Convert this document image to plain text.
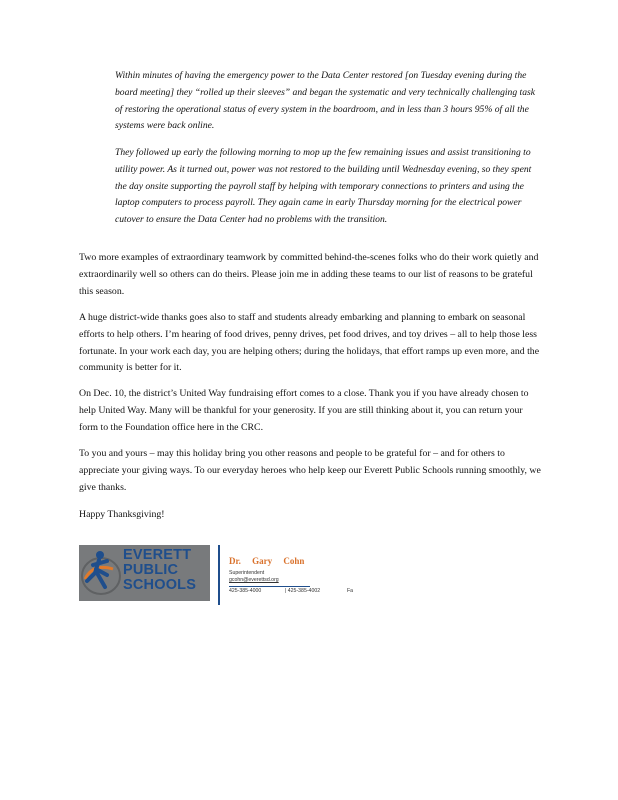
Within minutes of having the emergency power to the Data Center restored [on Tuesday evening during the board meeting] they “rolled up their sleeves” and began the systematic and very technically challenging task of restoring the operational status of every system in the boardroom, and in less than 3 hours 95% of all the systems were back online.
They followed up early the following morning to mop up the few remaining issues and assist transitioning to utility power. As it turned out, power was not restored to the building until Wednesday evening, so they spent the day onsite supporting the payroll staff by helping with temporary connections to printers and using the laptop computers to process payroll. They again came in early Thursday morning for the electrical power cutover to ensure the Data Center had no problems with the transition.
Two more examples of extraordinary teamwork by committed behind-the-scenes folks who do their work quietly and extraordinarily well so others can do theirs. Please join me in adding these teams to our list of reasons to be grateful this season.
A huge district-wide thanks goes also to staff and students already embarking and planning to embark on seasonal efforts to help others. I’m hearing of food drives, penny drives, pet food drives, and toy drives – all to help those less fortunate. In your work each day, you are helping others; during the holidays, that effort ramps up even more, and the community is better for it.
On Dec. 10, the district’s United Way fundraising effort comes to a close. Thank you if you have already chosen to help United Way. Many will be thankful for your generosity. If you are still thinking about it, you can return your form to the Foundation office here in the CRC.
To you and yours – may this holiday bring you other reasons and people to be grateful for – and for others to appreciate your giving ways. To our everyday heroes who help keep our Everett Public Schools running smoothly, we give thanks.
Happy Thanksgiving!
EVERETT
PUBLIC
SCHOOLS
Dr. Gary Cohn
Superintendent
gcohn@everettsd.org
425-385-4000	| 425-385-4002	Fa
